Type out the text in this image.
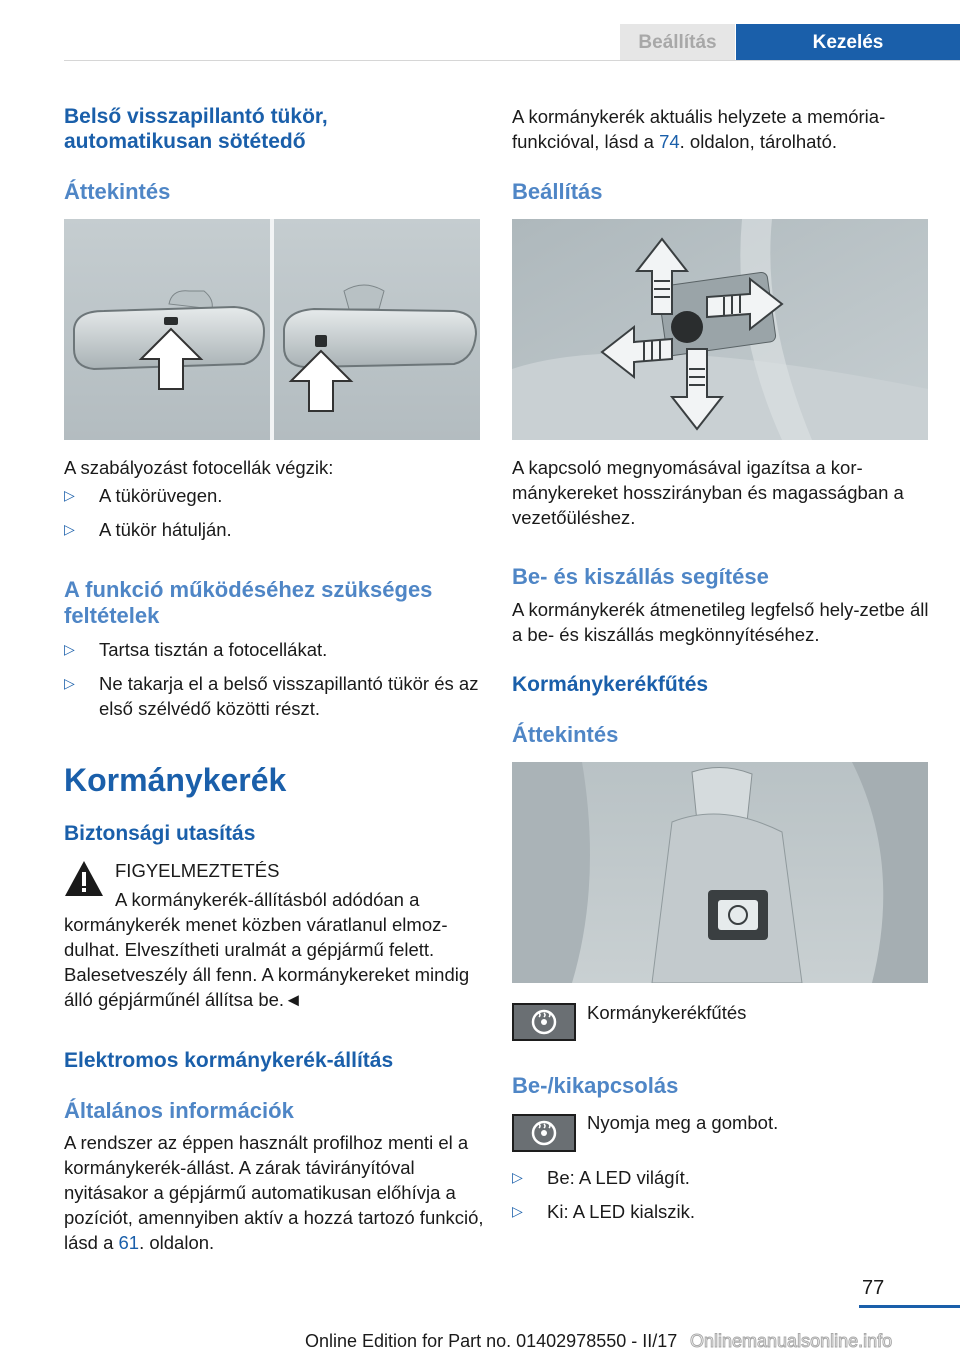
Beállítás	Kezelés
Belső visszapillantó tükör, automatikusan sötétedő
Áttekintés
A szabályozást fotocellák végzik:
▷ A tükörüvegen.
▷ A tükör hátulján.
A funkció működéséhez szükséges feltételek
▷ Tartsa tisztán a fotocellákat.
▷ Ne takarja el a belső visszapillantó tükör és az első szélvédő közötti részt.
Kormánykerék
Biztonsági utasítás
FIGYELMEZTETÉS
A kormánykerék-állításból adódóan a kormánykerék menet közben váratlanul elmoz-dulhat. Elveszítheti uralmát a gépjármű felett. Balesetveszély áll fenn. A kormánykereket mindig álló gépjárműnél állítsa be.◄
Elektromos kormánykerék-állítás
Általános információk
A rendszer az éppen használt profilhoz menti el a kormánykerék-állást. A zárak távirányítóval nyitásakor a gépjármű automatikusan előhívja a pozíciót, amennyiben aktív a hozzá tartozó funkció, lásd a 61. oldalon.
A kormánykerék aktuális helyzete a memória-funkcióval, lásd a 74. oldalon, tárolható.
Beállítás
A kapcsoló megnyomásával igazítsa a kor-mánykereket hosszirányban és magasságban a vezetőüléshez.
Be- és kiszállás segítése
A kormánykerék átmenetileg legfelső hely-zetbe áll a be- és kiszállás megkönnyítéséhez.
Kormánykerékfűtés
Áttekintés
Kormánykerékfűtés
Be-/kikapcsolás
Nyomja meg a gombot.
▷ Be: A LED világít.
▷ Ki: A LED kialszik.
77
Online Edition for Part no. 01402978550 - II/17 Onlinemanualsonline.info
